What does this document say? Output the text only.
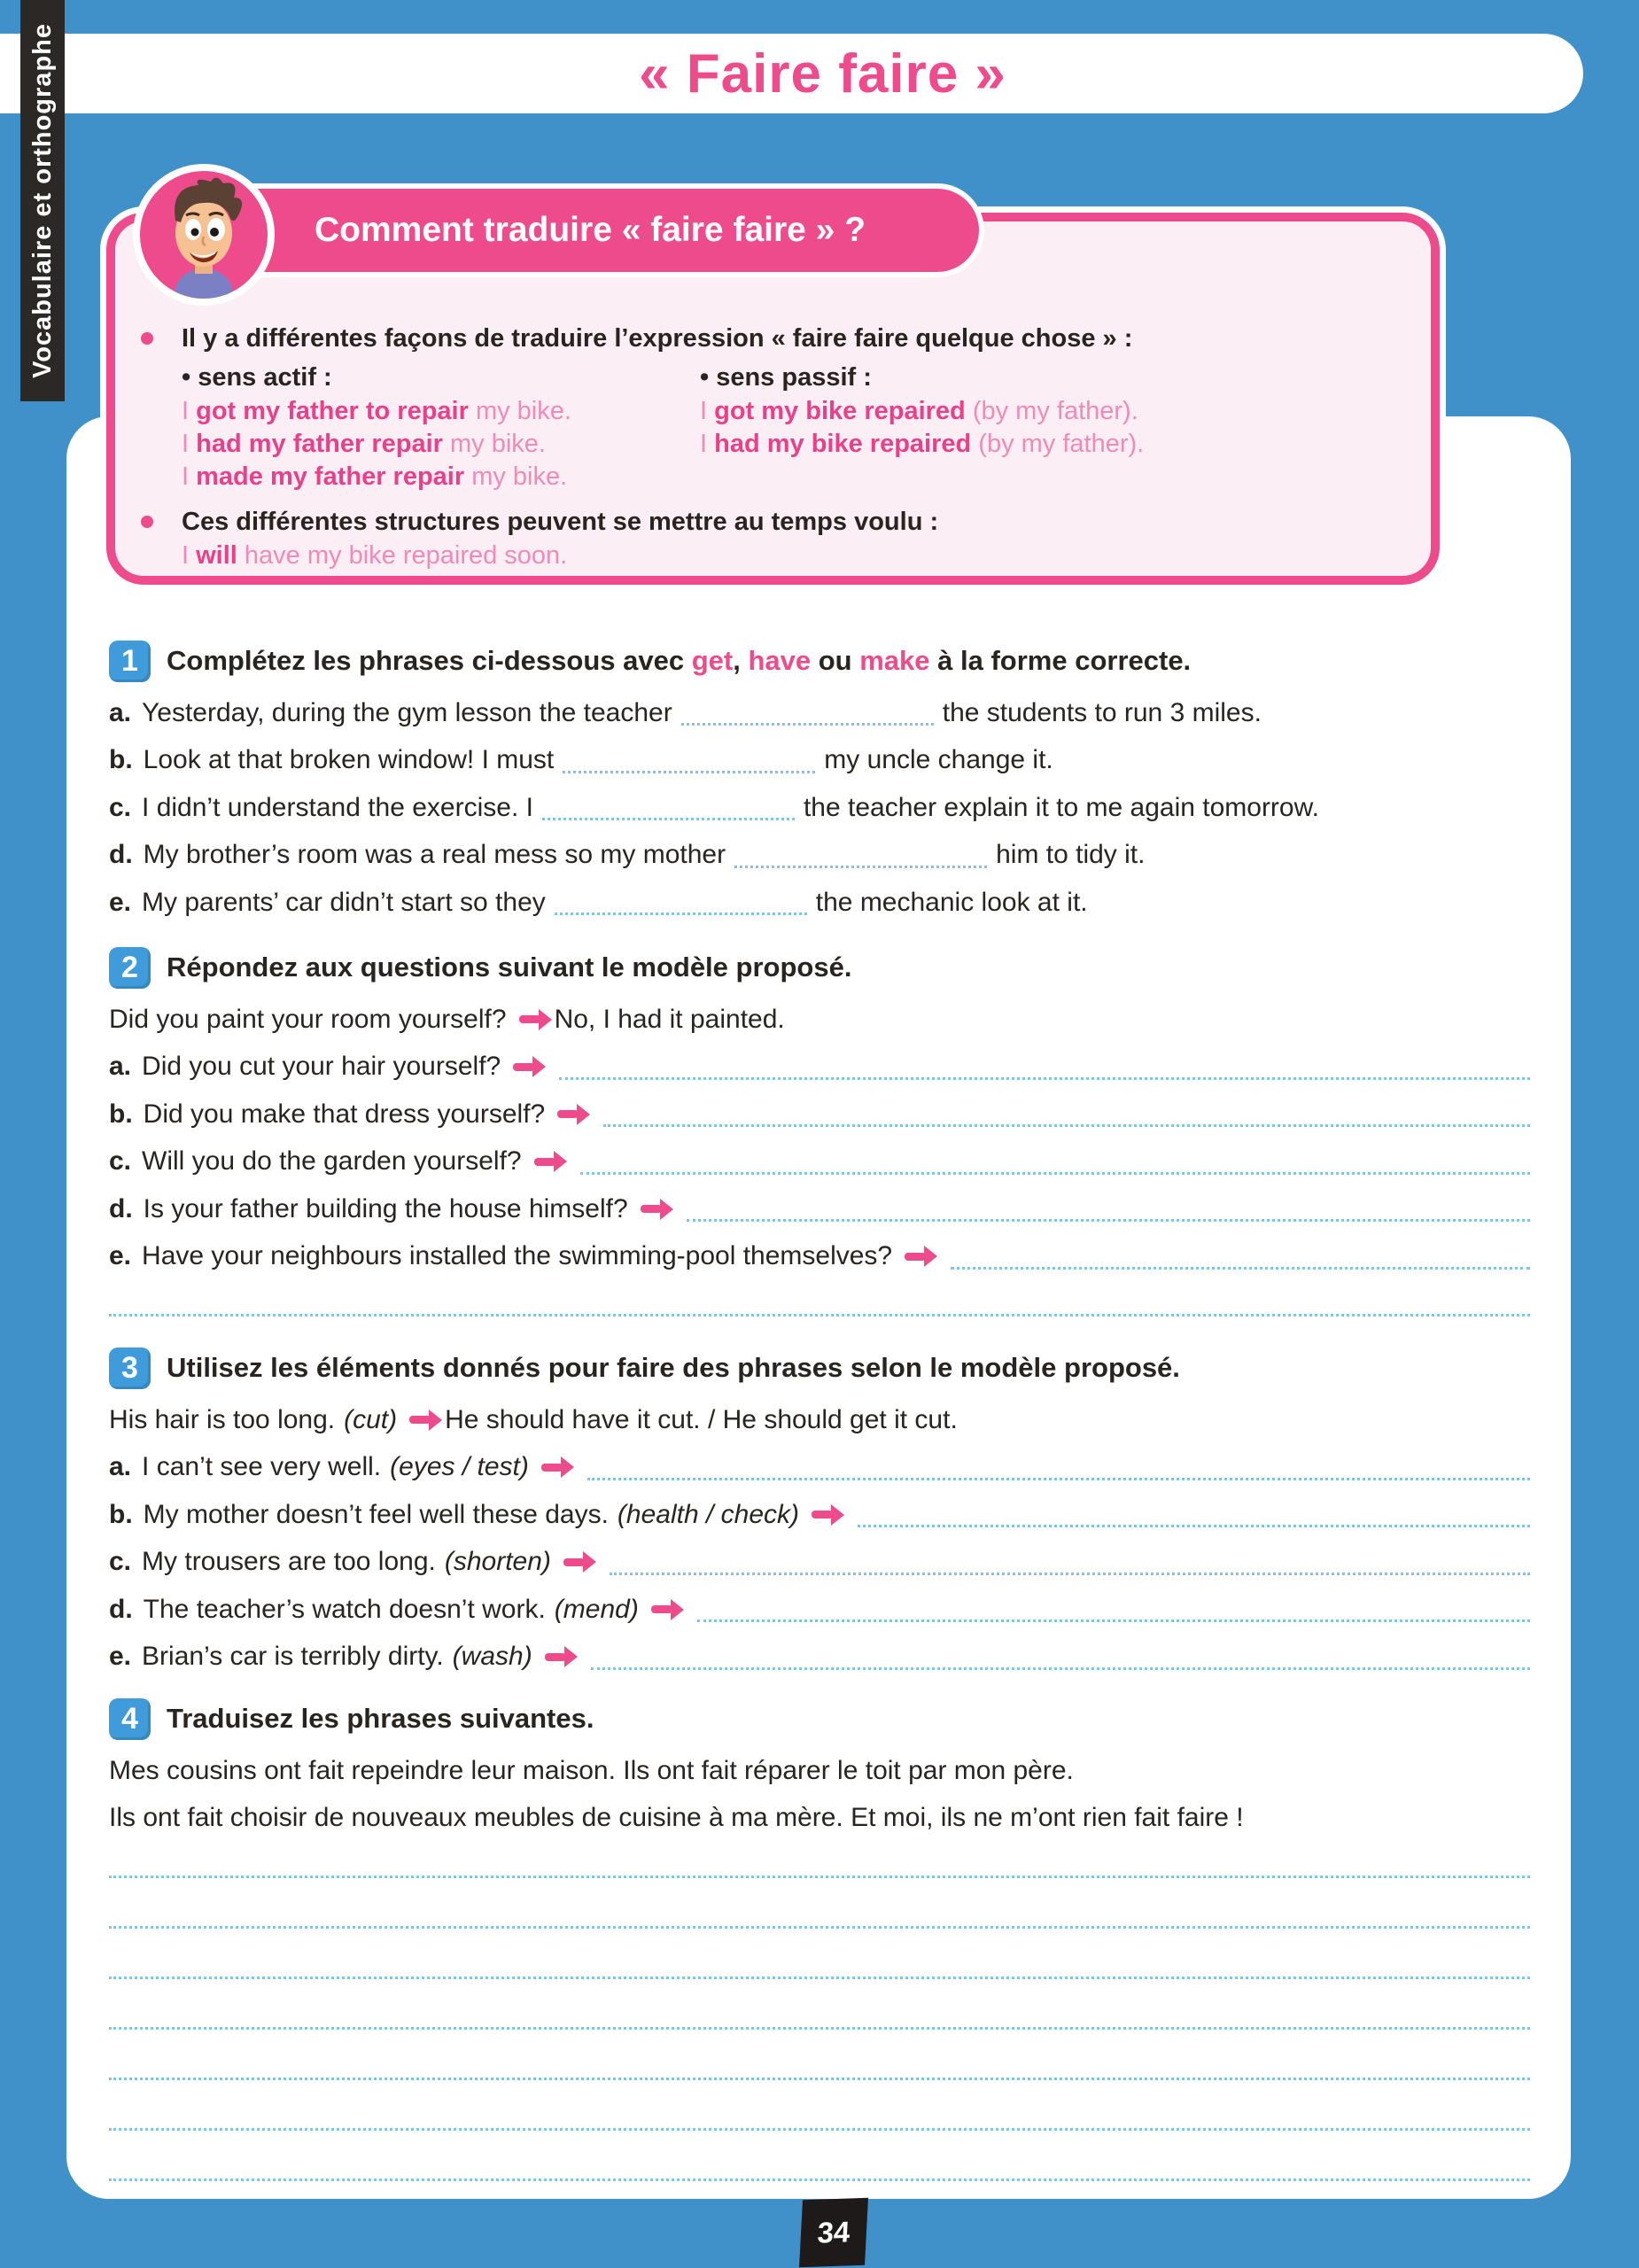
« Faire faire »
Vocabulaire et orthographe	Il y a différentes façons de traduire l’expression « faire faire quelque chose » :
• sens actif :
I got my father to repair my bike.
I had my father repair my bike.
I made my father repair my bike.
• sens passif :
I got my bike repaired (by my father).
I had my bike repaired (by my father).
Ces différentes structures peuvent se mettre au temps voulu :
I will have my bike repaired soon.
Comment traduire « faire faire » ?
1	Complétez les phrases ci-dessous avec get, have ou make à la forme correcte.
a. Yesterday, during the gym lesson the teacher	the students to run 3 miles.
b. Look at that broken window! I must	my uncle change it.
c. I didn’t understand the exercise. I	the teacher explain it to me again tomorrow.
d. My brother’s room was a real mess so my mother	him to tidy it.
e. My parents’ car didn’t start so they	the mechanic look at it.
2	Répondez aux questions suivant le modèle proposé.
Did you paint your room yourself? No, I had it painted.
a. Did you cut your hair yourself?
b. Did you make that dress yourself?
c. Will you do the garden yourself?
d. Is your father building the house himself?
e. Have your neighbours installed the swimming-pool themselves?
3	Utilisez les éléments donnés pour faire des phrases selon le modèle proposé.
His hair is too long. (cut) He should have it cut. / He should get it cut.
a. I can’t see very well. (eyes / test)
b. My mother doesn’t feel well these days. (health / check)
c. My trousers are too long. (shorten)
d. The teacher’s watch doesn’t work. (mend)
e. Brian’s car is terribly dirty. (wash)
4	Traduisez les phrases suivantes.
Mes cousins ont fait repeindre leur maison. Ils ont fait réparer le toit par mon père.
Ils ont fait choisir de nouveaux meubles de cuisine à ma mère. Et moi, ils ne m’ont rien fait faire !
34
